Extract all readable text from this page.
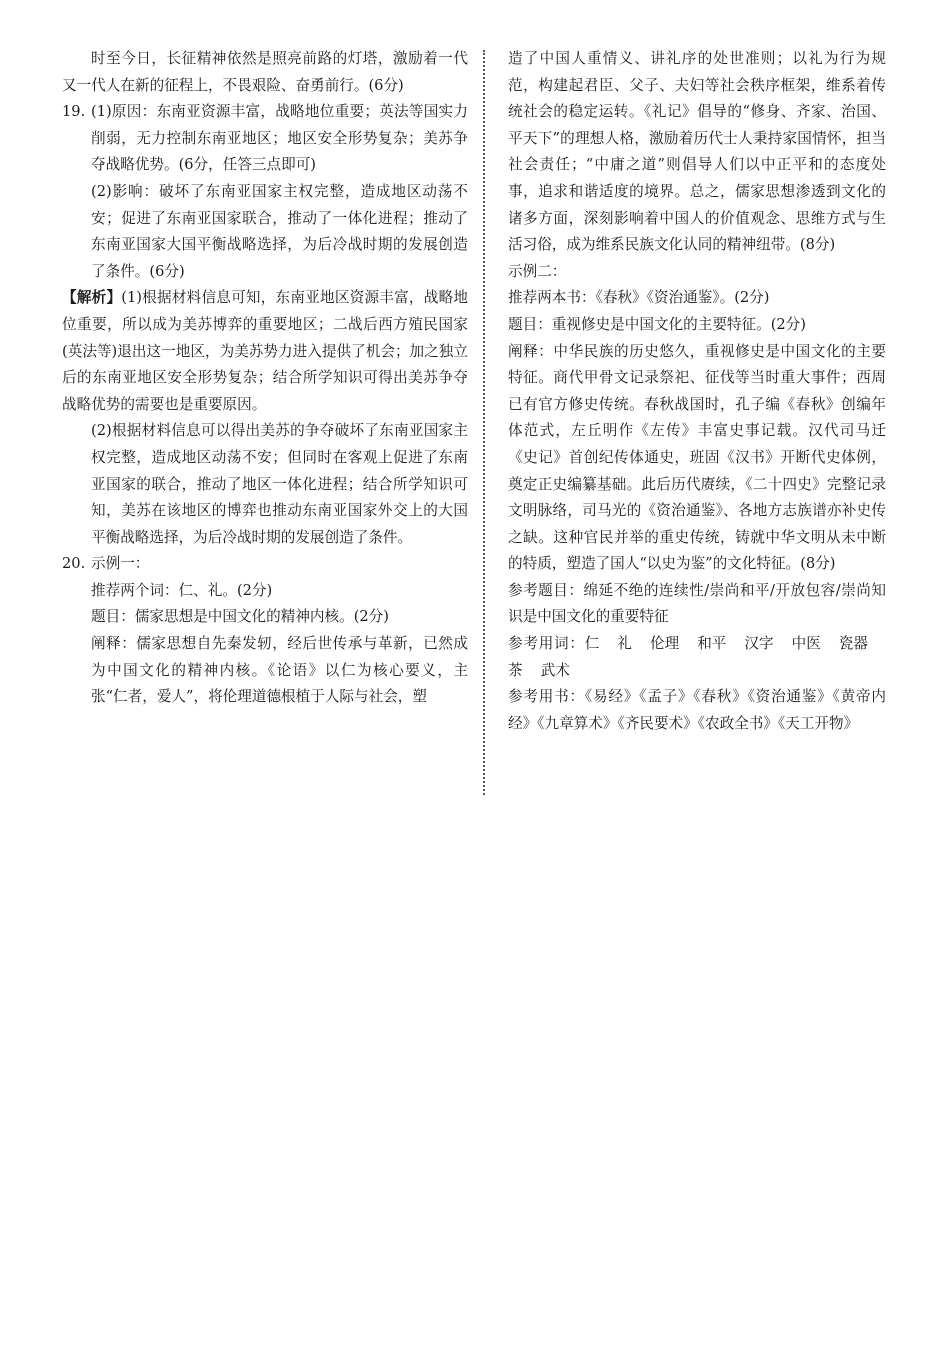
时至今日，长征精神依然是照亮前路的灯塔，激励着一代又一代人在新的征程上，不畏艰险、奋勇前行。(6分)

19. (1)原因：东南亚资源丰富，战略地位重要；英法等国实力削弱，无力控制东南亚地区；地区安全形势复杂；美苏争夺战略优势。(6分，任答三点即可)

(2)影响：破坏了东南亚国家主权完整，造成地区动荡不安；促进了东南亚国家联合，推动了一体化进程；推动了东南亚国家大国平衡战略选择，为后冷战时期的发展创造了条件。(6分)

【解析】(1)根据材料信息可知，东南亚地区资源丰富，战略地位重要，所以成为美苏博弈的重要地区；二战后西方殖民国家(英法等)退出这一地区，为美苏势力进入提供了机会；加之独立后的东南亚地区安全形势复杂；结合所学知识可得出美苏争夺战略优势的需要也是重要原因。

(2)根据材料信息可以得出美苏的争夺破坏了东南亚国家主权完整，造成地区动荡不安；但同时在客观上促进了东南亚国家的联合，推动了地区一体化进程；结合所学知识可知，美苏在该地区的博弈也推动东南亚国家外交上的大国平衡战略选择，为后冷战时期的发展创造了条件。

20. 示例一：

推荐两个词：仁、礼。(2分)

题目：儒家思想是中国文化的精神内核。(2分)

阐释：儒家思想自先秦发轫，经后世传承与革新，已然成为中国文化的精神内核。《论语》以仁为核心要义，主张“仁者，爱人”，将伦理道德根植于人际与社会，塑

造了中国人重情义、讲礼序的处世准则；以礼为行为规范，构建起君臣、父子、夫妇等社会秩序框架，维系着传统社会的稳定运转。《礼记》倡导的“修身、齐家、治国、平天下”的理想人格，激励着历代士人秉持家国情怀，担当社会责任；“中庸之道”则倡导人们以中正平和的态度处事，追求和谐适度的境界。总之，儒家思想渗透到文化的诸多方面，深刻影响着中国人的价值观念、思维方式与生活习俗，成为维系民族文化认同的精神纽带。(8分)

示例二：

推荐两本书：《春秋》《资治通鉴》。(2分)

题目：重视修史是中国文化的主要特征。(2分)

阐释：中华民族的历史悠久，重视修史是中国文化的主要特征。商代甲骨文记录祭祀、征伐等当时重大事件；西周已有官方修史传统。春秋战国时，孔子编《春秋》创编年体范式，左丘明作《左传》丰富史事记载。汉代司马迁《史记》首创纪传体通史，班固《汉书》开断代史体例，奠定正史编纂基础。此后历代赓续，《二十四史》完整记录文明脉络，司马光的《资治通鉴》、各地方志族谱亦补史传之缺。这种官民并举的重史传统，铸就中华文明从未中断的特质，塑造了国人“以史为鉴”的文化特征。(8分)

参考题目：绵延不绝的连续性/崇尚和平/开放包容/崇尚知识是中国文化的重要特征

参考用词：仁 礼 伦理 和平 汉字 中医 瓷器茶 武术

参考用书：《易经》《孟子》《春秋》《资治通鉴》《黄帝内经》《九章算术》《齐民要术》《农政全书》《天工开物》
